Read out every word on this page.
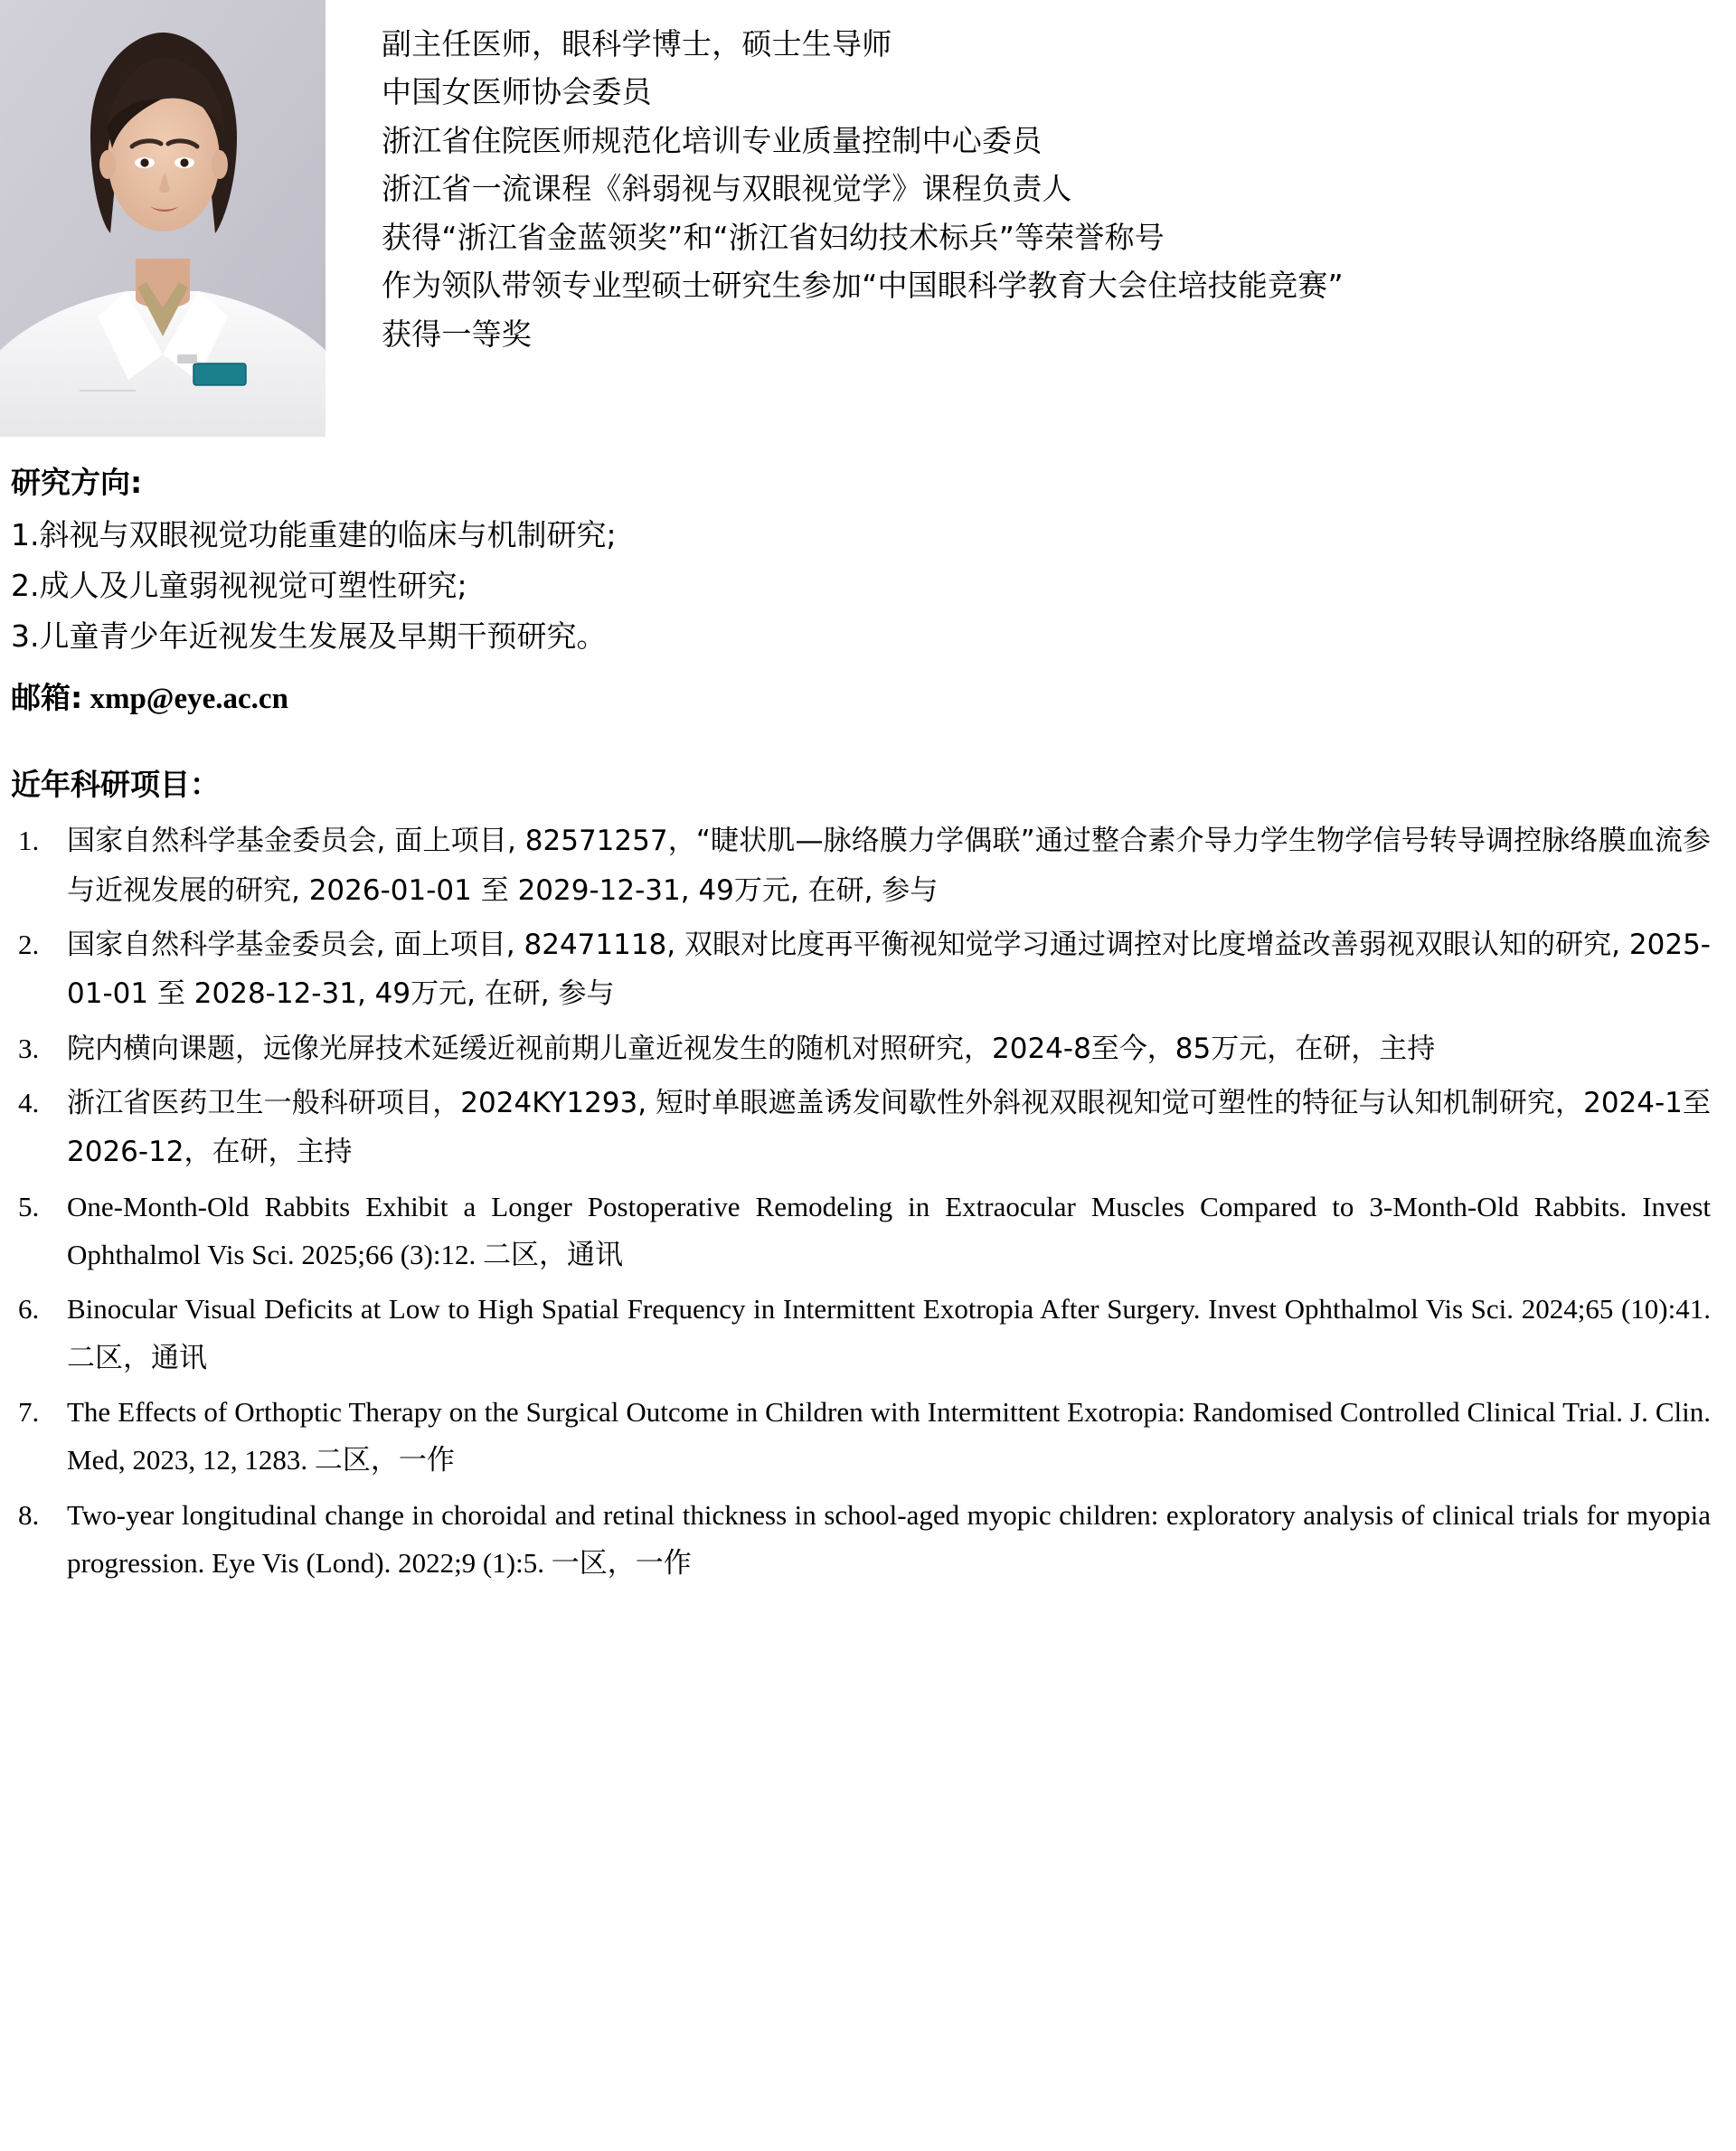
副主任医师，眼科学博士，硕士生导师
中国女医师协会委员
浙江省住院医师规范化培训专业质量控制中心委员
浙江省一流课程《斜弱视与双眼视觉学》课程负责人
获得“浙江省金蓝领奖”和“浙江省妇幼技术标兵”等荣誉称号
作为领队带领专业型硕士研究生参加“中国眼科学教育大会住培技能竞赛”
获得一等奖
研究方向:
1.斜视与双眼视觉功能重建的临床与机制研究;
2.成人及儿童弱视视觉可塑性研究;
3.儿童青少年近视发生发展及早期干预研究。
邮箱: xmp@eye.ac.cn
近年科研项目：
1. 国家自然科学基金委员会, 面上项目, 82571257，“睫状肌—脉络膜力学偶联”通过整合素介导力学生物学信号转导调控脉络膜血流参与近视发展的研究, 2026-01-01 至 2029-12-31, 49万元, 在研, 参与
2. 国家自然科学基金委员会, 面上项目, 82471118, 双眼对比度再平衡视知觉学习通过调控对比度增益改善弱视双眼认知的研究, 2025-01-01 至 2028-12-31, 49万元, 在研, 参与
3. 院内横向课题，远像光屏技术延缓近视前期儿童近视发生的随机对照研究，2024-8至今，85万元，在研，主持
4. 浙江省医药卫生一般科研项目，2024KY1293, 短时单眼遮盖诱发间歇性外斜视双眼视知觉可塑性的特征与认知机制研究，2024-1至2026-12，在研，主持
5. One-Month-Old Rabbits Exhibit a Longer Postoperative Remodeling in Extraocular Muscles Compared to 3-Month-Old Rabbits. Invest Ophthalmol Vis Sci. 2025;66 (3):12. 二区，通讯
6. Binocular Visual Deficits at Low to High Spatial Frequency in Intermittent Exotropia After Surgery. Invest Ophthalmol Vis Sci. 2024;65 (10):41. 二区，通讯
7. The Effects of Orthoptic Therapy on the Surgical Outcome in Children with Intermittent Exotropia: Randomised Controlled Clinical Trial. J. Clin. Med, 2023, 12, 1283. 二区，一作
8. Two-year longitudinal change in choroidal and retinal thickness in school-aged myopic children: exploratory analysis of clinical trials for myopia progression. Eye Vis (Lond). 2022;9 (1):5. 一区，一作
